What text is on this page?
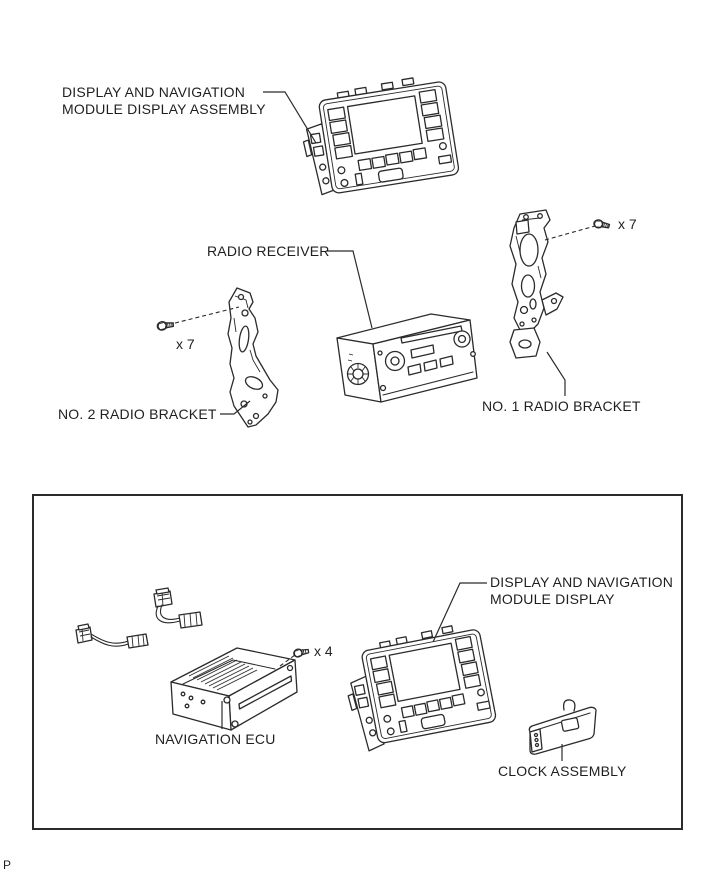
DISPLAY AND NAVIGATION
MODULE DISPLAY ASSEMBLY
RADIO RECEIVER
x 7
NO. 2 RADIO BRACKET
x 7
NO. 1 RADIO BRACKET
x 4
NAVIGATION ECU
DISPLAY AND NAVIGATION
MODULE DISPLAY
CLOCK ASSEMBLY
P
